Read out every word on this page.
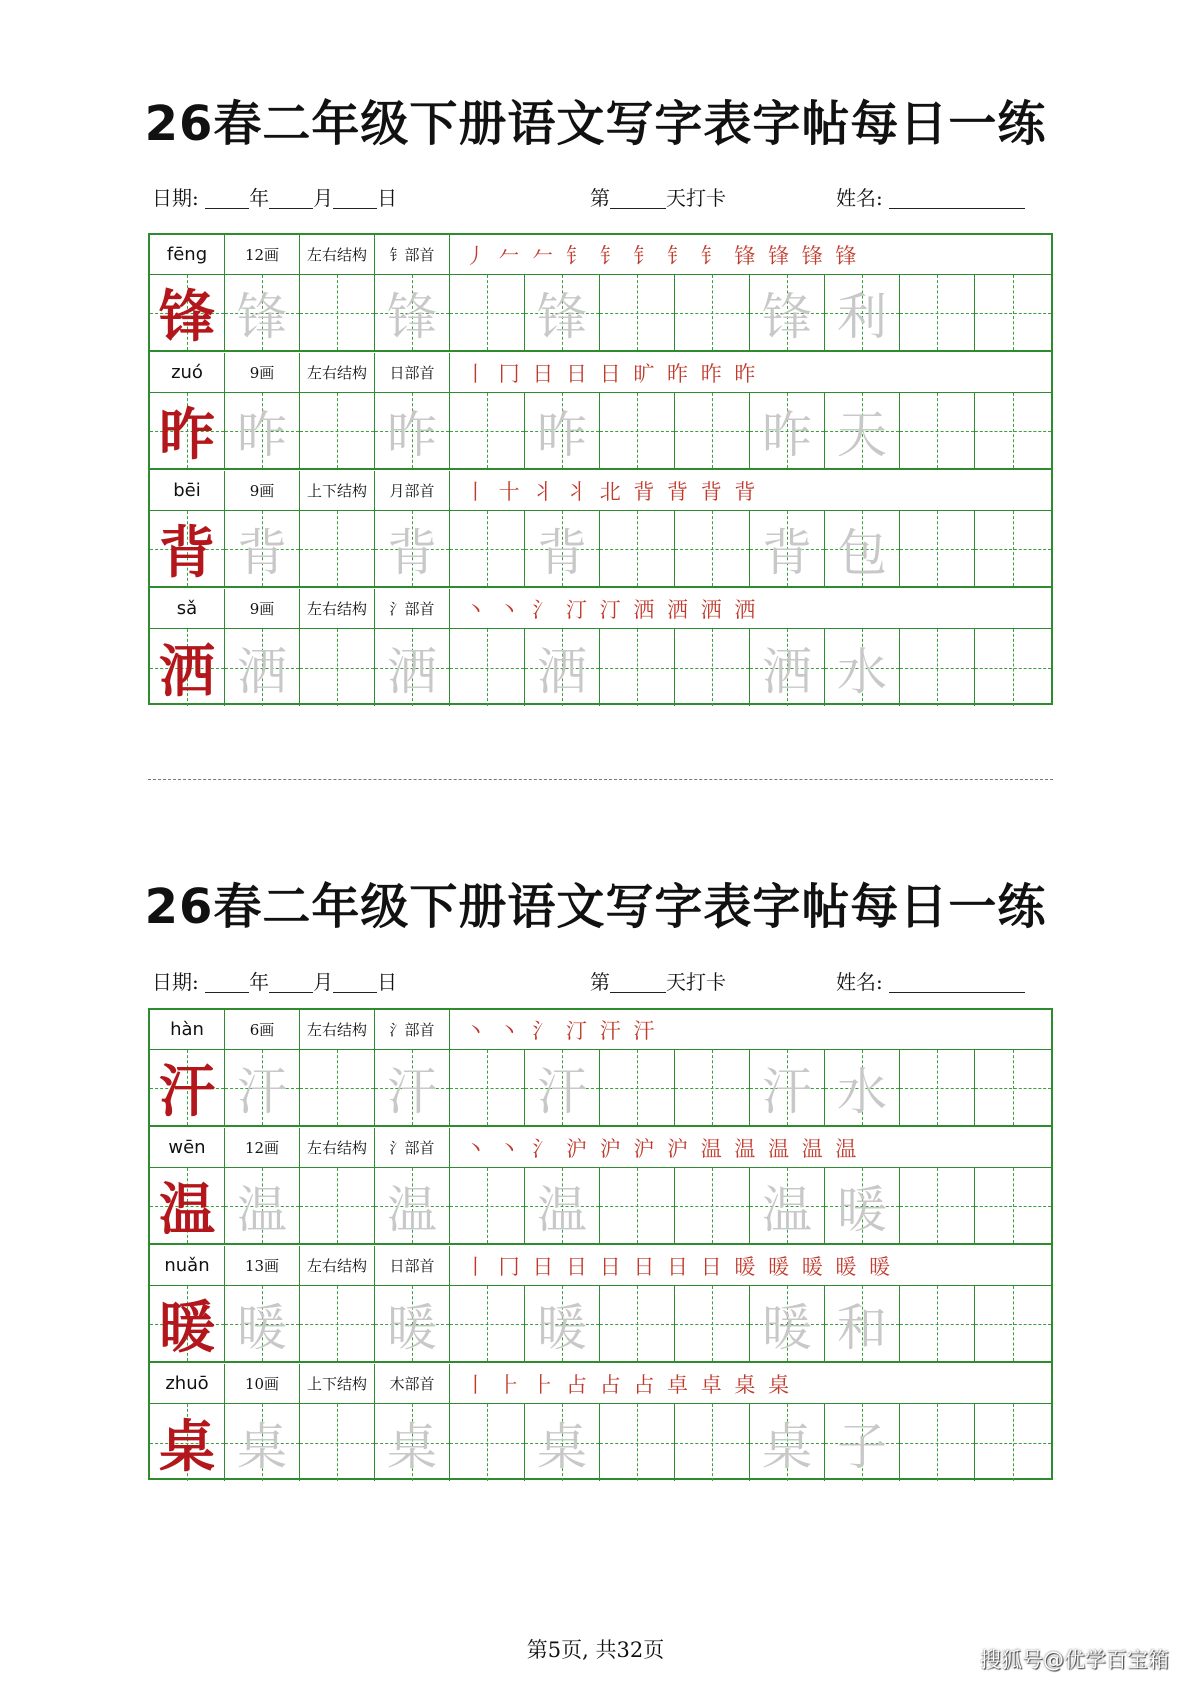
26春二年级下册语文写字表字帖每日一练
日期:	年 月 日	第	天打卡	姓名:
fēng	12画 左右结构 钅部首 丿 𠂉 𠂉 钅 钅 钅 钅 钅 锋 锋 锋 锋
锋 锋 锋 锋	锋 利
zuó	9画 左右结构 日部首 丨 冂 日 日 日 旷 昨 昨 昨
昨 昨 昨 昨	昨 天
bēi	9画 上下结构 月部首 丨 十 丬 ⺦ 北 背 背 背 背
背 背 背 背	背 包
sǎ	9画 左右结构 氵部首 丶 丶 氵 汀 汀 洒 洒 洒 洒
洒 洒 洒 洒	洒 水
26春二年级下册语文写字表字帖每日一练
日期:	年 月 日	第	天打卡	姓名:
hàn	6画 左右结构 氵部首 丶 丶 氵 汀 汗 汗
汗 汗 汗 汗	汗 水
wēn	12画 左右结构 氵部首 丶 丶 氵 沪 沪 沪 沪 温 温 温 温 温
温 温 温 温	温 暖
nuǎn 13画 左右结构 日部首 丨 冂 日 日 日 日 日 日 暖 暖 暖 暖 暖
暖 暖 暖 暖	暖 和
zhuō 10画 上下结构 木部首 丨 ⺊ ⺊ 占 占 占 卓 卓 桌 桌
桌 桌 桌 桌	桌 子
第5页, 共32页	搜狐号@优学百宝箱
